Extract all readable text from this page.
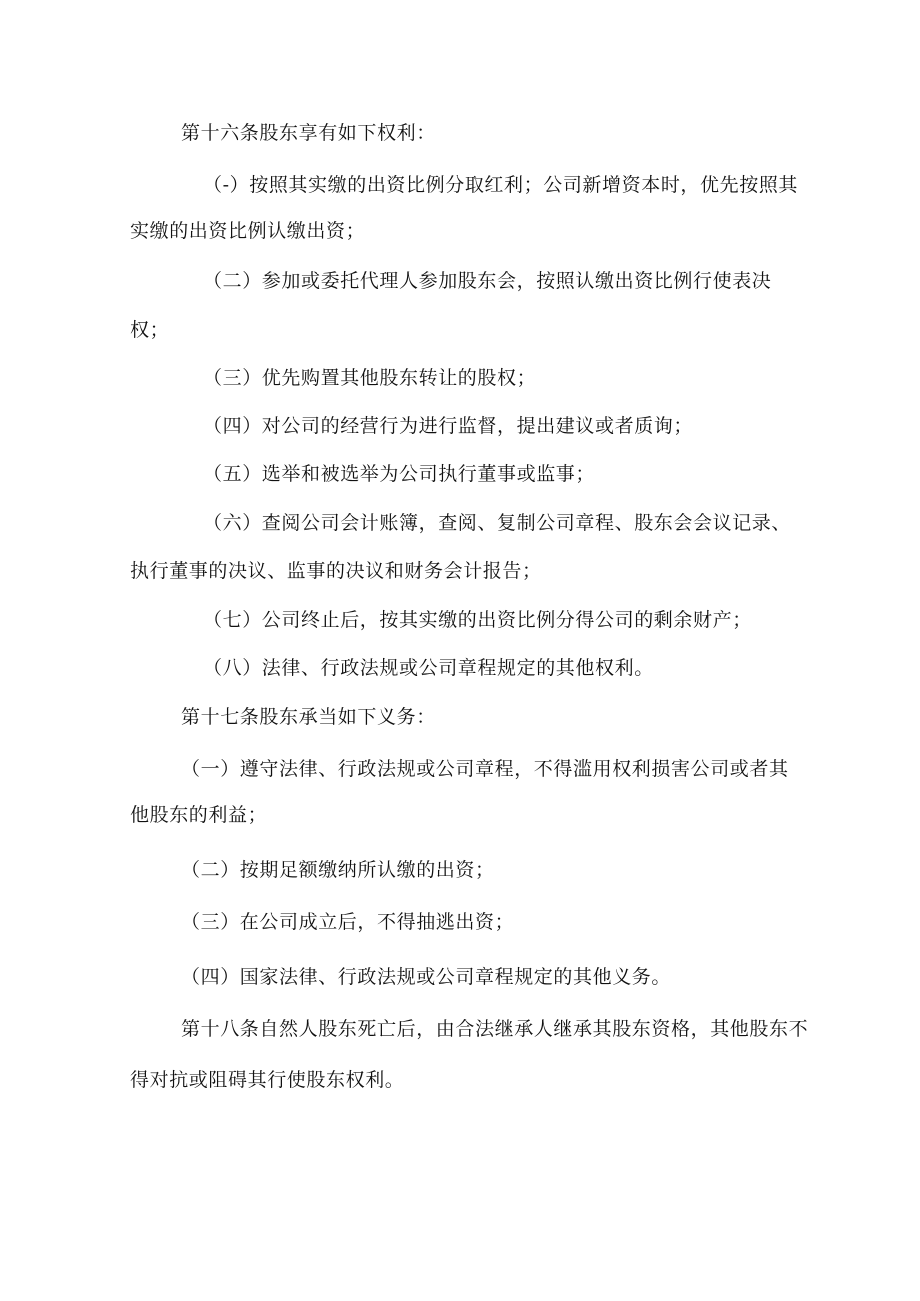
第十六条股东享有如下权利：
（-）按照其实缴的出资比例分取红利；公司新增资本时，优先按照其
实缴的出资比例认缴出资；
（二）参加或委托代理人参加股东会，按照认缴出资比例行使表决
权；
（三）优先购置其他股东转让的股权；
（四）对公司的经营行为进行监督，提出建议或者质询；
（五）选举和被选举为公司执行董事或监事；
（六）查阅公司会计账簿，查阅、复制公司章程、股东会会议记录、
执行董事的决议、监事的决议和财务会计报告；
（七）公司终止后，按其实缴的出资比例分得公司的剩余财产；
（八）法律、行政法规或公司章程规定的其他权利。
第十七条股东承当如下义务：
（一）遵守法律、行政法规或公司章程，不得滥用权利损害公司或者其
他股东的利益；
（二）按期足额缴纳所认缴的出资；
（三）在公司成立后，不得抽逃出资；
（四）国家法律、行政法规或公司章程规定的其他义务。
第十八条自然人股东死亡后，由合法继承人继承其股东资格，其他股东不
得对抗或阻碍其行使股东权利。
